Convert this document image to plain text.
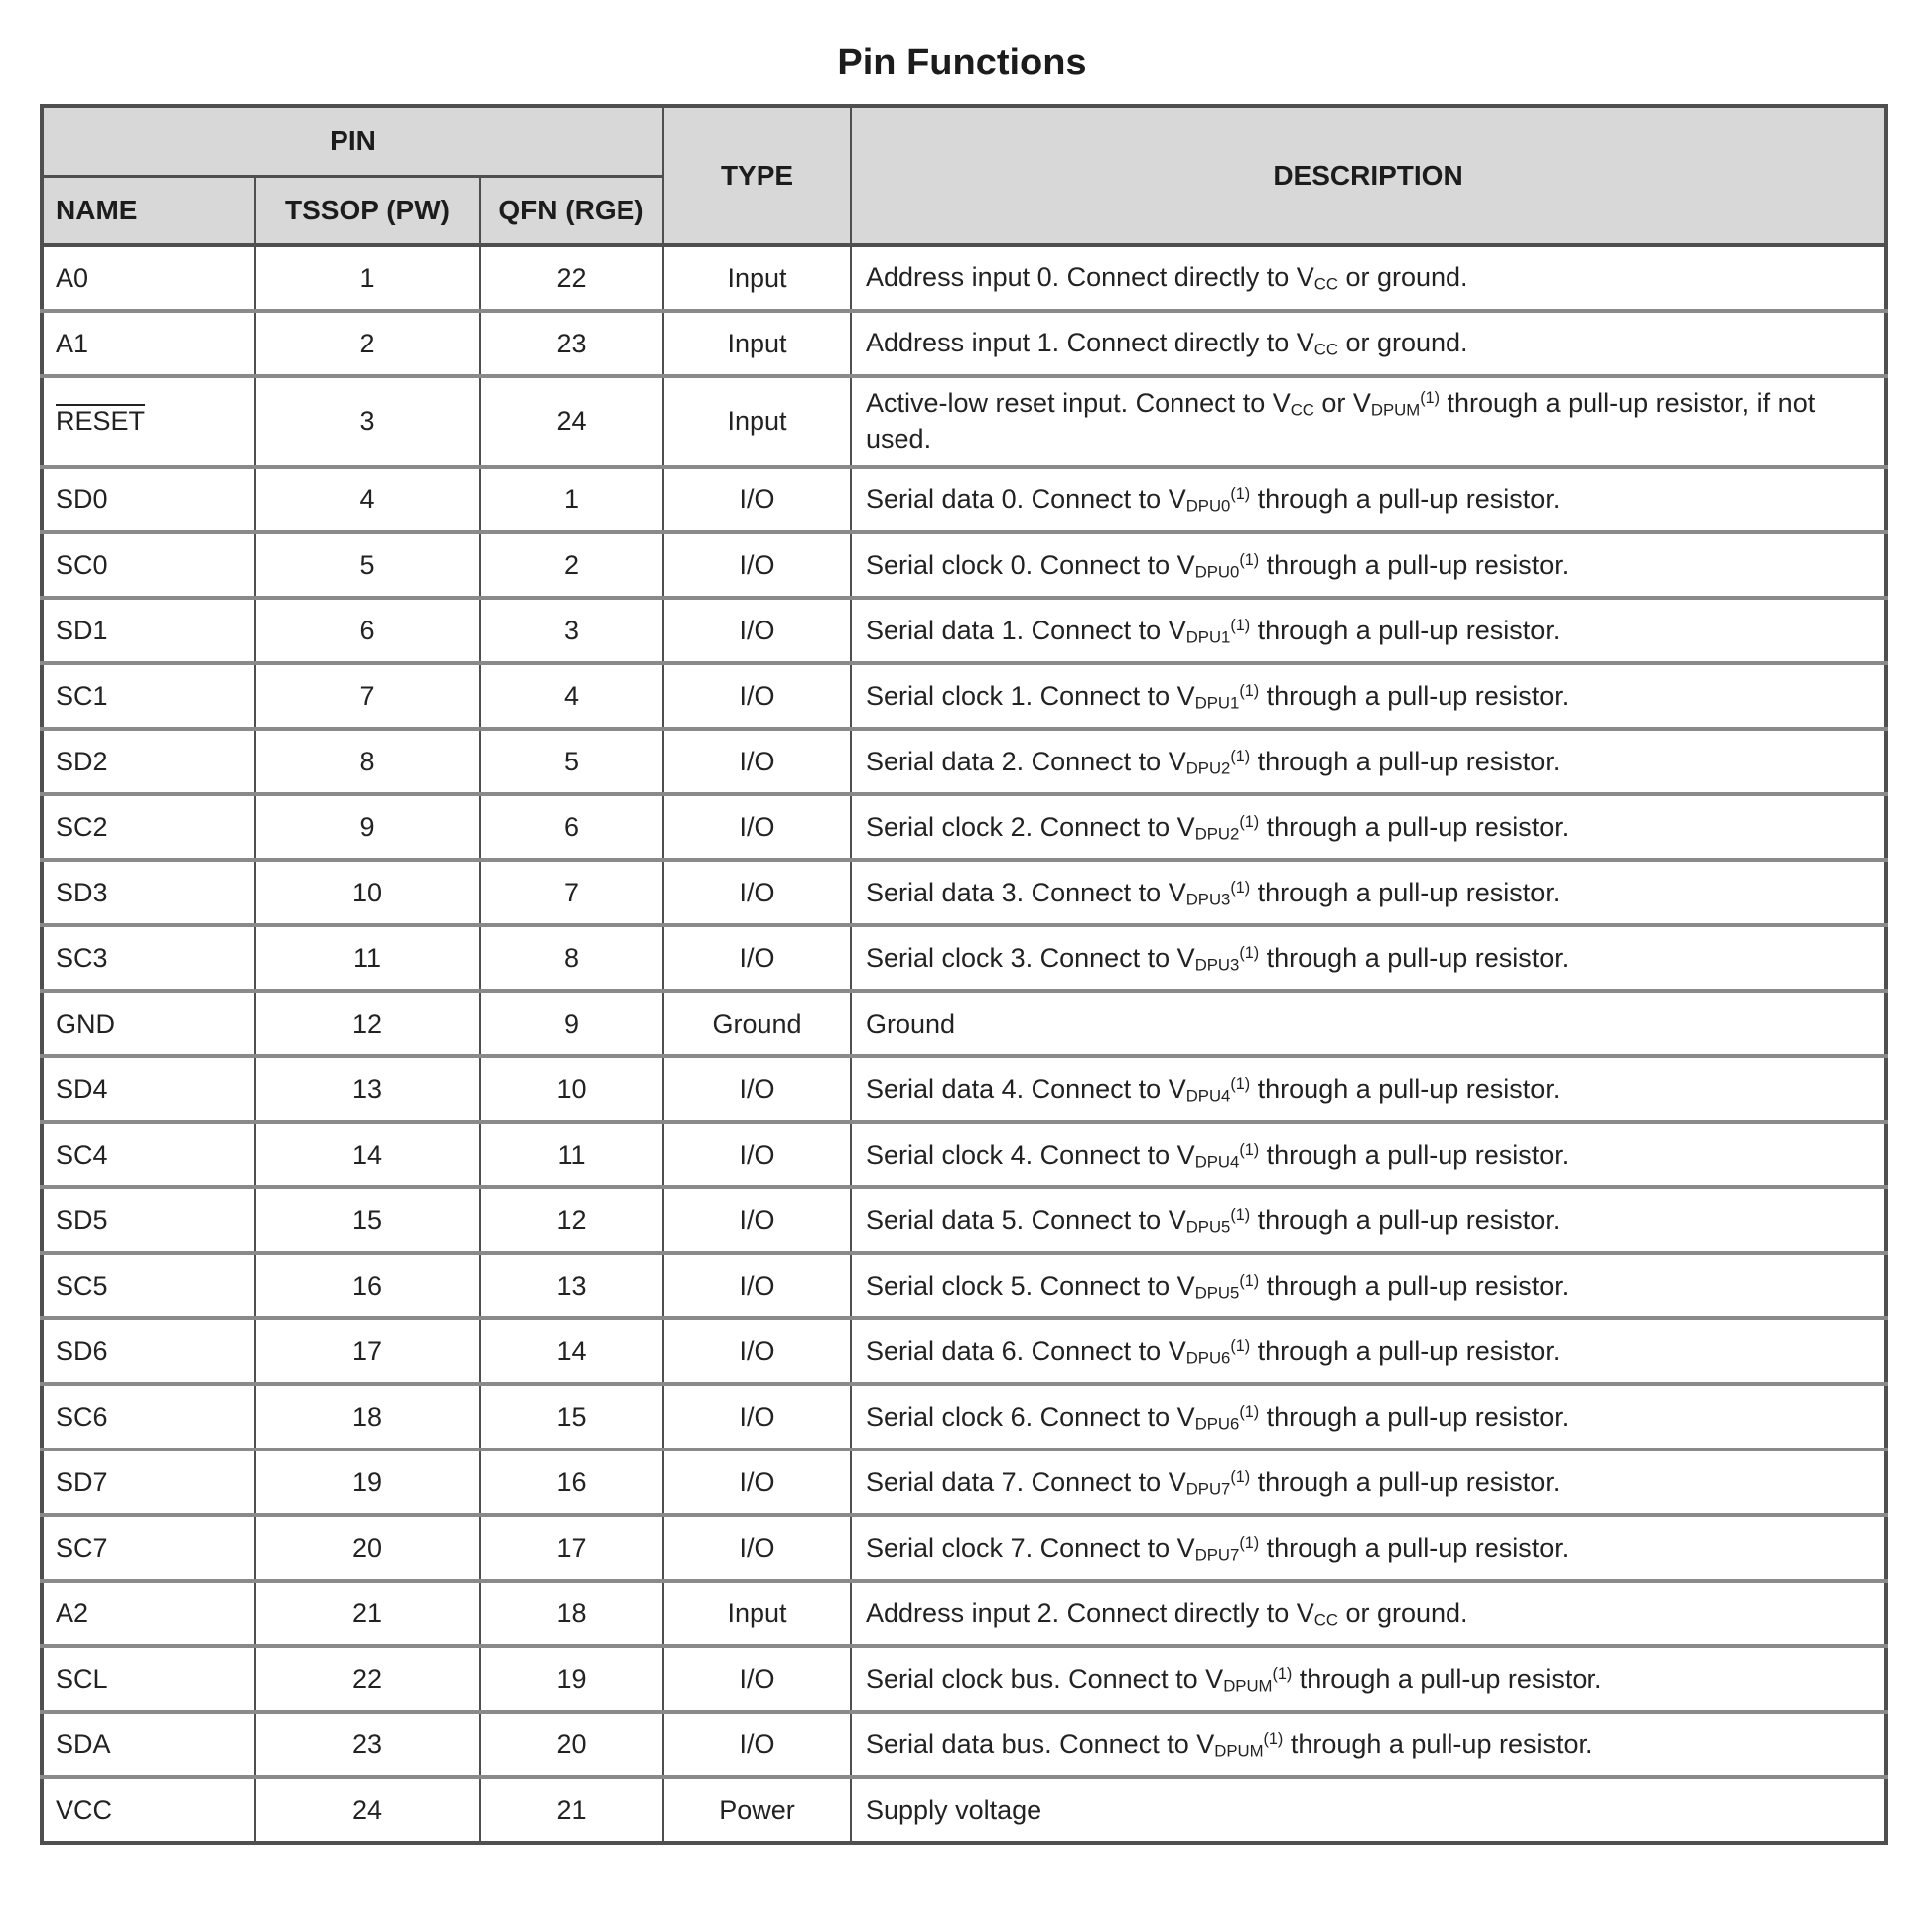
Pin Functions
PIN			TYPE	DESCRIPTION
NAME	TSSOP (PW)	QFN (RGE)		
A0	1	22	Input	Address input 0. Connect directly to $V_{CC}$ or ground.
A1	2	23	Input	Address input 1. Connect directly to $V_{CC}$ or ground.
RESET	3	24	Input	Active-low reset input. Connect to $V_{CC}$ or $V_{DPUM}^{(1)}$ through a pull-up resistor, if not used.
SD0	4	1	I/O	Serial data 0. Connect to $V_{DPU0}^{(1)}$ through a pull-up resistor.
SC0	5	2	I/O	Serial clock 0. Connect to $V_{DPU0}^{(1)}$ through a pull-up resistor.
SD1	6	3	I/O	Serial data 1. Connect to $V_{DPU1}^{(1)}$ through a pull-up resistor.
SC1	7	4	I/O	Serial clock 1. Connect to $V_{DPU1}^{(1)}$ through a pull-up resistor.
SD2	8	5	I/O	Serial data 2. Connect to $V_{DPU2}^{(1)}$ through a pull-up resistor.
SC2	9	6	I/O	Serial clock 2. Connect to $V_{DPU2}^{(1)}$ through a pull-up resistor.
SD3	10	7	I/O	Serial data 3. Connect to $V_{DPU3}^{(1)}$ through a pull-up resistor.
SC3	11	8	I/O	Serial clock 3. Connect to $V_{DPU3}^{(1)}$ through a pull-up resistor.
GND	12	9	Ground	Ground
SD4	13	10	I/O	Serial data 4. Connect to $V_{DPU4}^{(1)}$ through a pull-up resistor.
SC4	14	11	I/O	Serial clock 4. Connect to $V_{DPU4}^{(1)}$ through a pull-up resistor.
SD5	15	12	I/O	Serial data 5. Connect to $V_{DPU5}^{(1)}$ through a pull-up resistor.
SC5	16	13	I/O	Serial clock 5. Connect to $V_{DPU5}^{(1)}$ through a pull-up resistor.
SD6	17	14	I/O	Serial data 6. Connect to $V_{DPU6}^{(1)}$ through a pull-up resistor.
SC6	18	15	I/O	Serial clock 6. Connect to $V_{DPU6}^{(1)}$ through a pull-up resistor.
SD7	19	16	I/O	Serial data 7. Connect to $V_{DPU7}^{(1)}$ through a pull-up resistor.
SC7	20	17	I/O	Serial clock 7. Connect to $V_{DPU7}^{(1)}$ through a pull-up resistor.
A2	21	18	Input	Address input 2. Connect directly to $V_{CC}$ or ground.
SCL	22	19	I/O	Serial clock bus. Connect to $V_{DPUM}^{(1)}$ through a pull-up resistor.
SDA	23	20	I/O	Serial data bus. Connect to $V_{DPUM}^{(1)}$ through a pull-up resistor.
VCC	24	21	Power	Supply voltage
